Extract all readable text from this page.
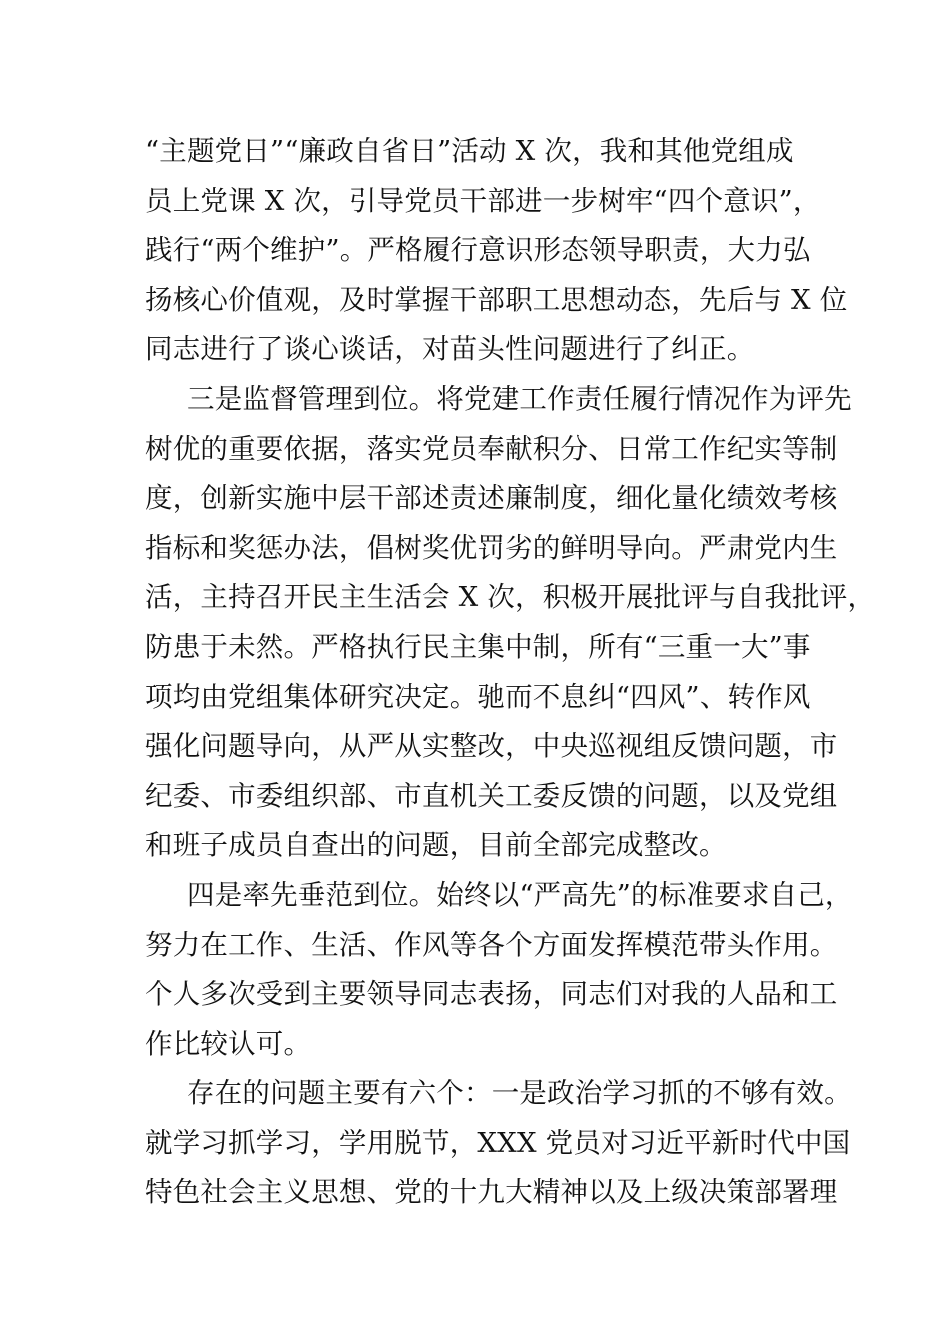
“主题党日”“廉政自省日”活动 X 次，我和其他党组成
员上党课 X 次，引导党员干部进一步树牢“四个意识”，
践行“两个维护”。严格履行意识形态领导职责，大力弘
扬核心价值观，及时掌握干部职工思想动态，先后与 X 位
同志进行了谈心谈话，对苗头性问题进行了纠正。
三是监督管理到位。将党建工作责任履行情况作为评先
树优的重要依据，落实党员奉献积分、日常工作纪实等制
度，创新实施中层干部述责述廉制度，细化量化绩效考核
指标和奖惩办法，倡树奖优罚劣的鲜明导向。严肃党内生
活，主持召开民主生活会 X 次，积极开展批评与自我批评，
防患于未然。严格执行民主集中制，所有“三重一大”事
项均由党组集体研究决定。驰而不息纠“四风”、转作风
强化问题导向，从严从实整改，中央巡视组反馈问题，市
纪委、市委组织部、市直机关工委反馈的问题，以及党组
和班子成员自查出的问题，目前全部完成整改。
四是率先垂范到位。始终以“严高先”的标准要求自己，
努力在工作、生活、作风等各个方面发挥模范带头作用。
个人多次受到主要领导同志表扬，同志们对我的人品和工
作比较认可。
存在的问题主要有六个：一是政治学习抓的不够有效。
就学习抓学习，学用脱节，XXX 党员对习近平新时代中国
特色社会主义思想、党的十九大精神以及上级决策部署理
